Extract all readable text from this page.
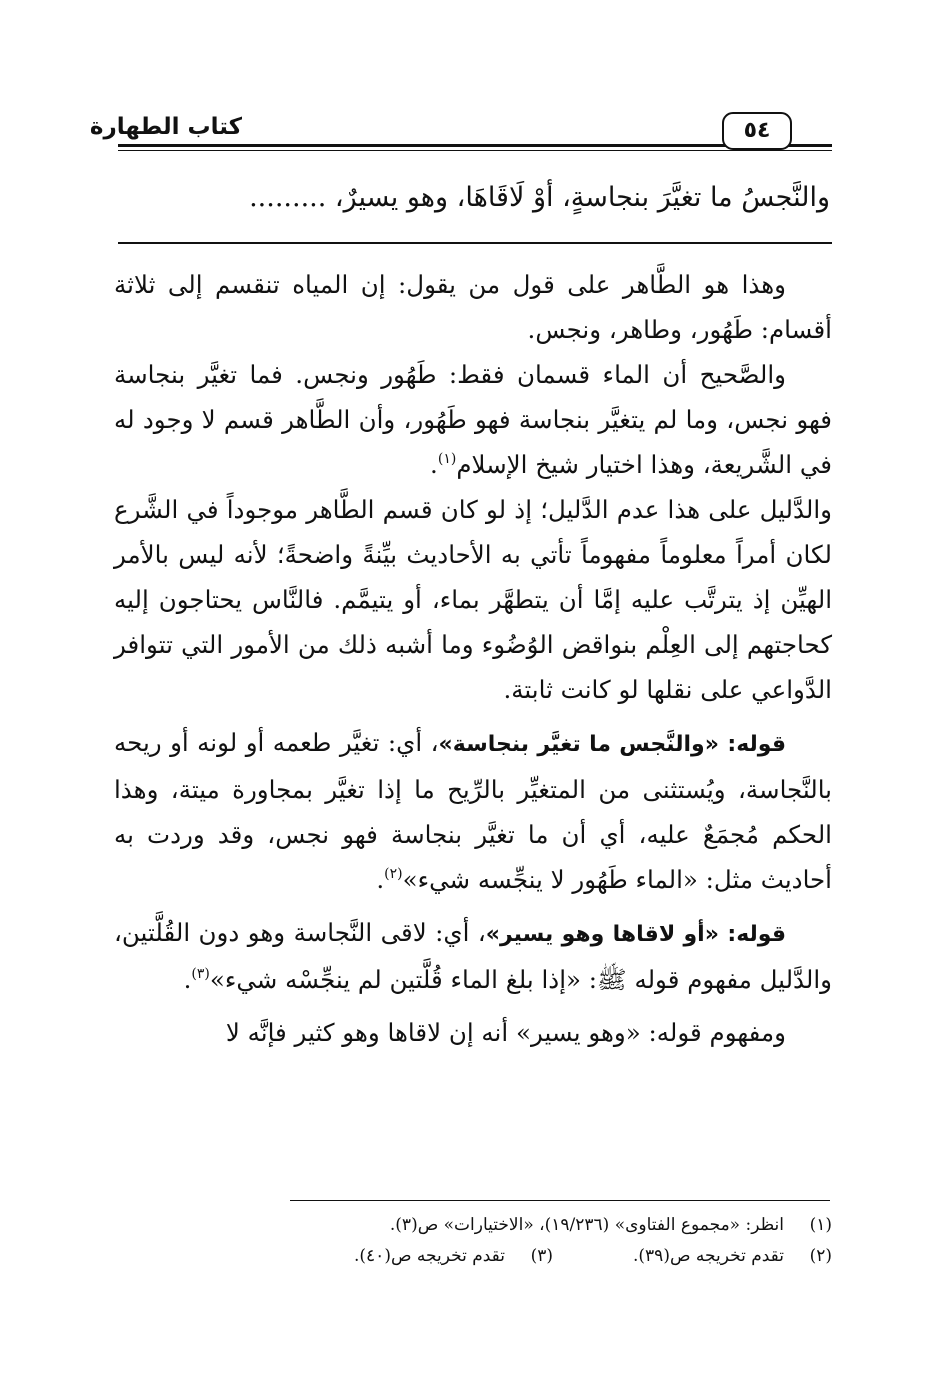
٥٤
كتاب الطهارة
والنَّجسُ ما تغيَّرَ بنجاسةٍ، أوْ لَاقَاهَا، وهو يسيرٌ، .........

وهذا هو الطَّاهر على قول من يقول: إن المياه تنقسم إلى ثلاثة أقسام: طَهُور، وطاهر، ونجس.

والصَّحيح أن الماء قسمان فقط: طَهُور ونجس. فما تغيَّر بنجاسة فهو نجس، وما لم يتغيَّر بنجاسة فهو طَهُور، وأن الطَّاهر قسم لا وجود له في الشَّريعة، وهذا اختيار شيخ الإسلام$^{(١)}$.

والدَّليل على هذا عدم الدَّليل؛ إذ لو كان قسم الطَّاهر موجوداً في الشَّرع لكان أمراً معلوماً مفهوماً تأتي به الأحاديث بيِّنةً واضحةً؛ لأنه ليس بالأمر الهيِّن إذ يترتَّب عليه إمَّا أن يتطهَّر بماء، أو يتيمَّم. فالنَّاس يحتاجون إليه كحاجتهم إلى العِلْم بنواقض الوُضُوء وما أشبه ذلك من الأمور التي تتوافر الدَّواعي على نقلها لو كانت ثابتة.

قوله: «والنَّجس ما تغيَّر بنجاسة»، أي: تغيَّر طعمه أو لونه أو ريحه بالنَّجاسة، ويُستثنى من المتغيِّر بالرِّيح ما إذا تغيَّر بمجاورة ميتة، وهذا الحكم مُجمَعٌ عليه، أي أن ما تغيَّر بنجاسة فهو نجس، وقد وردت به أحاديث مثل: «الماء طَهُور لا ينجِّسه شيء»$^{(٢)}$.

قوله: «أو لاقاها وهو يسير»، أي: لاقى النَّجاسة وهو دون القُلَّتين، والدَّليل مفهوم قوله ﷺ: «إذا بلغ الماء قُلَّتين لم ينجِّسْه شيء»$^{(٣)}$.

ومفهوم قوله: «وهو يسير» أنه إن لاقاها وهو كثير فإنَّه لا

(١)
انظر: «مجموع الفتاوى» (١٩/٢٣٦)، «الاختيارات» ص(٣).
(٢)
تقدم تخريجه ص(٣٩).
(٣)
تقدم تخريجه ص(٤٠).
